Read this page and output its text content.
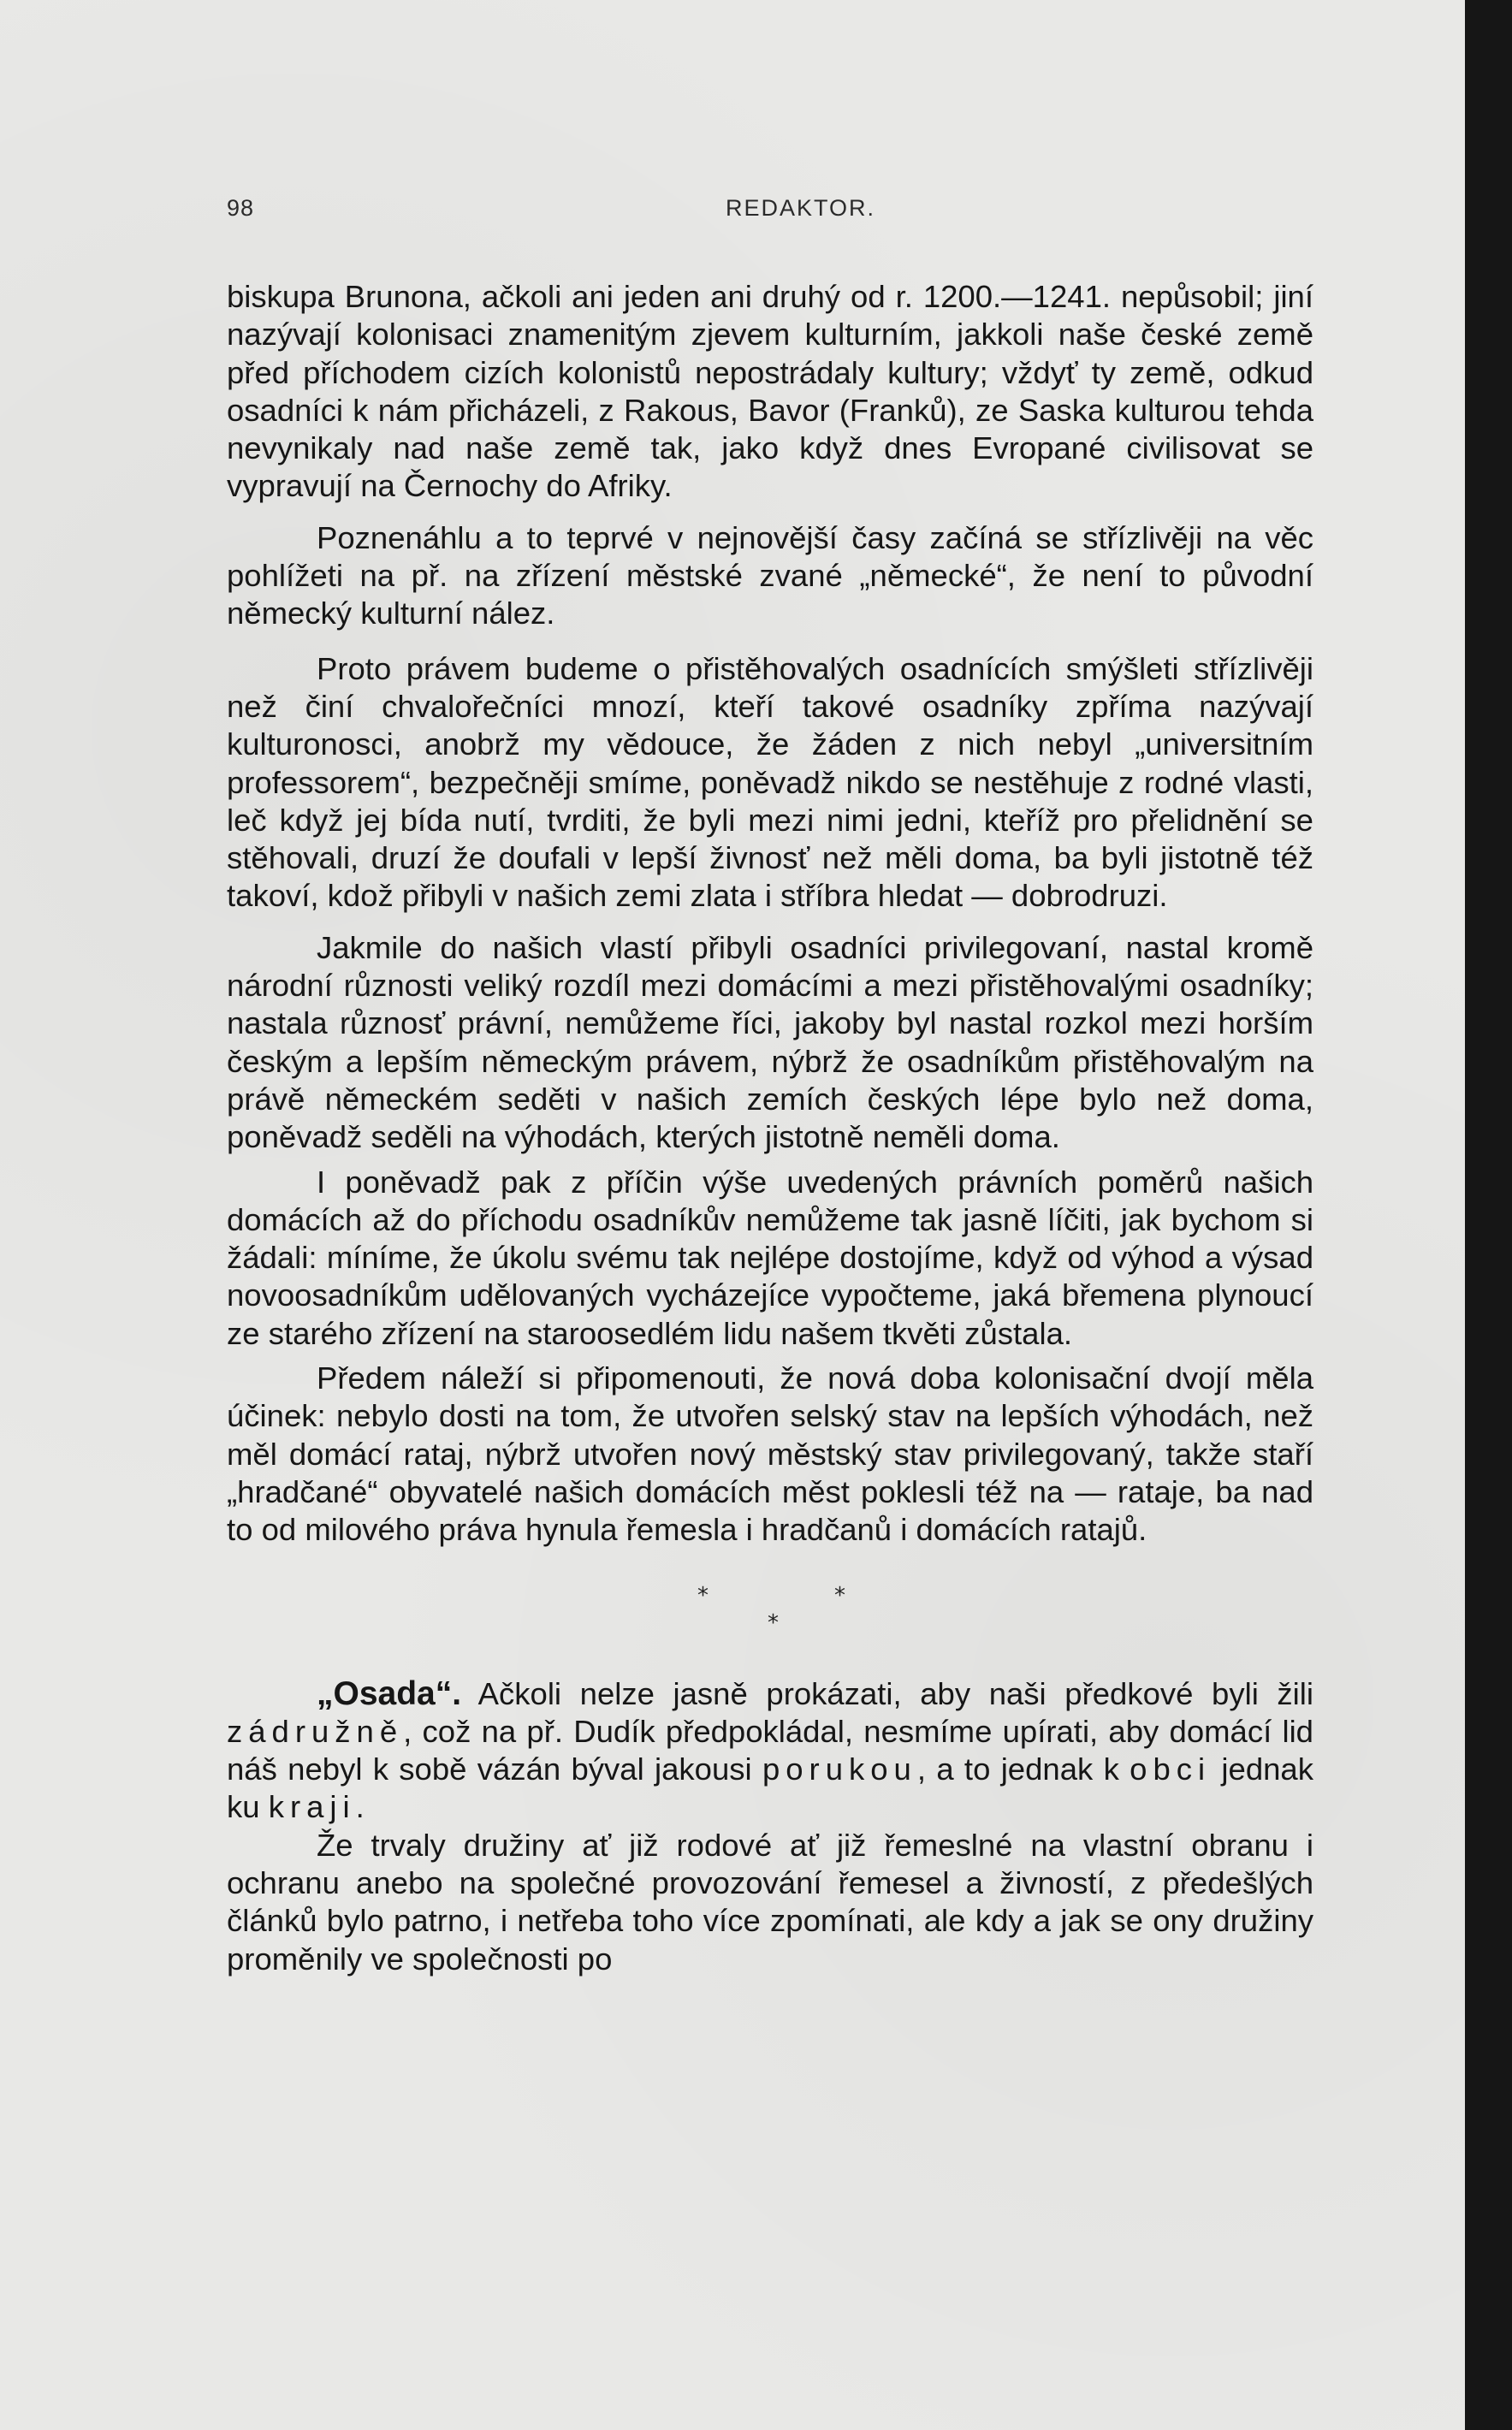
98	REDAKTOR.

biskupa Brunona, ačkoli ani jeden ani druhý od r. 1200.—1241. nepůsobil; jiní nazývají kolonisaci znamenitým zjevem kulturním, jakkoli naše české země před příchodem cizích kolonistů nepostrádaly kultury; vždyť ty země, odkud osadníci k nám přicházeli, z Rakous, Bavor (Franků), ze Saska kulturou tehda nevynikaly nad naše země tak, jako když dnes Evropané civilisovat se vypravují na Černochy do Afriky.

Poznenáhlu a to teprvé v nejnovější časy začíná se střízlivěji na věc pohlížeti na př. na zřízení městské zvané „německé“, že není to původní německý kulturní nález.

Proto právem budeme o přistěhovalých osadnících smýšleti střízlivěji než činí chvalořečníci mnozí, kteří takové osadníky zpříma nazývají kulturonosci, anobrž my vědouce, že žáden z nich nebyl „universitním professorem“, bezpečněji smíme, poněvadž nikdo se nestěhuje z rodné vlasti, leč když jej bída nutí, tvrditi, že byli mezi nimi jedni, kteříž pro přelidnění se stěhovali, druzí že doufali v lepší živnosť než měli doma, ba byli jistotně též takoví, kdož přibyli v našich zemi zlata i stříbra hledat — dobrodruzi.

Jakmile do našich vlastí přibyli osadníci privilegovaní, nastal kromě národní různosti veliký rozdíl mezi domácími a mezi přistěhovalými osadníky; nastala různosť právní, nemůžeme říci, jakoby byl nastal rozkol mezi horším českým a lepším německým právem, nýbrž že osadníkům přistěhovalým na právě německém seděti v našich zemích českých lépe bylo než doma, poněvadž seděli na výhodách, kterých jistotně neměli doma.

I poněvadž pak z příčin výše uvedených právních poměrů našich domácích až do příchodu osadníkův nemůžeme tak jasně líčiti, jak bychom si žádali: míníme, že úkolu svému tak nejlépe dostojíme, když od výhod a výsad novoosadníkům udělovaných vycházejíce vypočteme, jaká břemena plynoucí ze starého zřízení na staroosedlém lidu našem tkvěti zůstala.

Předem náleží si připomenouti, že nová doba kolonisační dvojí měla účinek: nebylo dosti na tom, že utvořen selský stav na lepších výhodách, než měl domácí rataj, nýbrž utvořen nový městský stav privilegovaný, takže staří „hradčané“ obyvatelé našich domácích měst poklesli též na — rataje, ba nad to od milového práva hynula řemesla i hradčanů i domácích ratajů.

*	*
*

„Osada“. Ačkoli nelze jasně prokázati, aby naši předkové byli žili zádružně, což na př. Dudík předpokládal, nesmíme upírati, aby domácí lid náš nebyl k sobě vázán býval jakousi porukou, a to jednak k obci jednak ku kraji.

Že trvaly družiny ať již rodové ať již řemeslné na vlastní obranu i ochranu anebo na společné provozování řemesel a živností, z předešlých článků bylo patrno, i netřeba toho více zpomínati, ale kdy a jak se ony družiny proměnily ve společnosti po
